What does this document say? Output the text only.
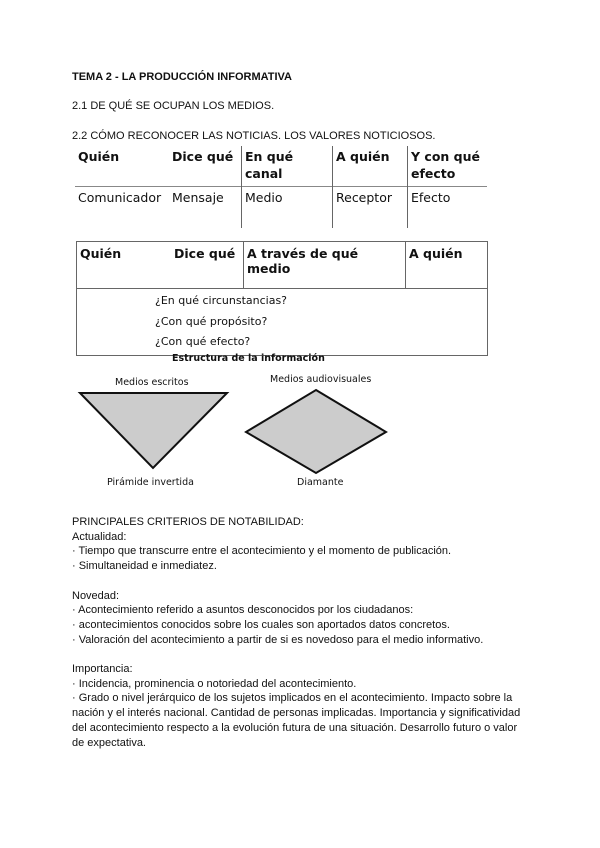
TEMA 2 - LA PRODUCCIÓN INFORMATIVA
2.1 DE QUÉ SE OCUPAN LOS MEDIOS.
2.2 CÓMO RECONOCER LAS NOTICIAS. LOS VALORES NOTICIOSOS.
Quién	Dice qué	En qué canal	A quién	Y con qué efecto
Comunicador	Mensaje	Medio	Receptor	Efecto
Quién	Dice qué	A través de qué medio	A quién

¿En qué circunstancias?
¿Con qué propósito?
¿Con qué efecto?
Estructura de la información
Medios escritos	Medios audiovisuales
Pirámide invertida	Diamante

PRINCIPALES CRITERIOS DE NOTABILIDAD:

Actualidad:

· Tiempo que transcurre entre el acontecimiento y el momento de publicación.

· Simultaneidad e inmediatez.

Novedad:

· Acontecimiento referido a asuntos desconocidos por los ciudadanos:

· acontecimientos conocidos sobre los cuales son aportados datos concretos.

· Valoración del acontecimiento a partir de si es novedoso para el medio informativo.

Importancia:

· Incidencia, prominencia o notoriedad del acontecimiento.

· Grado o nivel jerárquico de los sujetos implicados en el acontecimiento. Impacto sobre la nación y el interés nacional. Cantidad de personas implicadas. Importancia y significatividad del acontecimiento respecto a la evolución futura de una situación. Desarrollo futuro o valor de expectativa.
